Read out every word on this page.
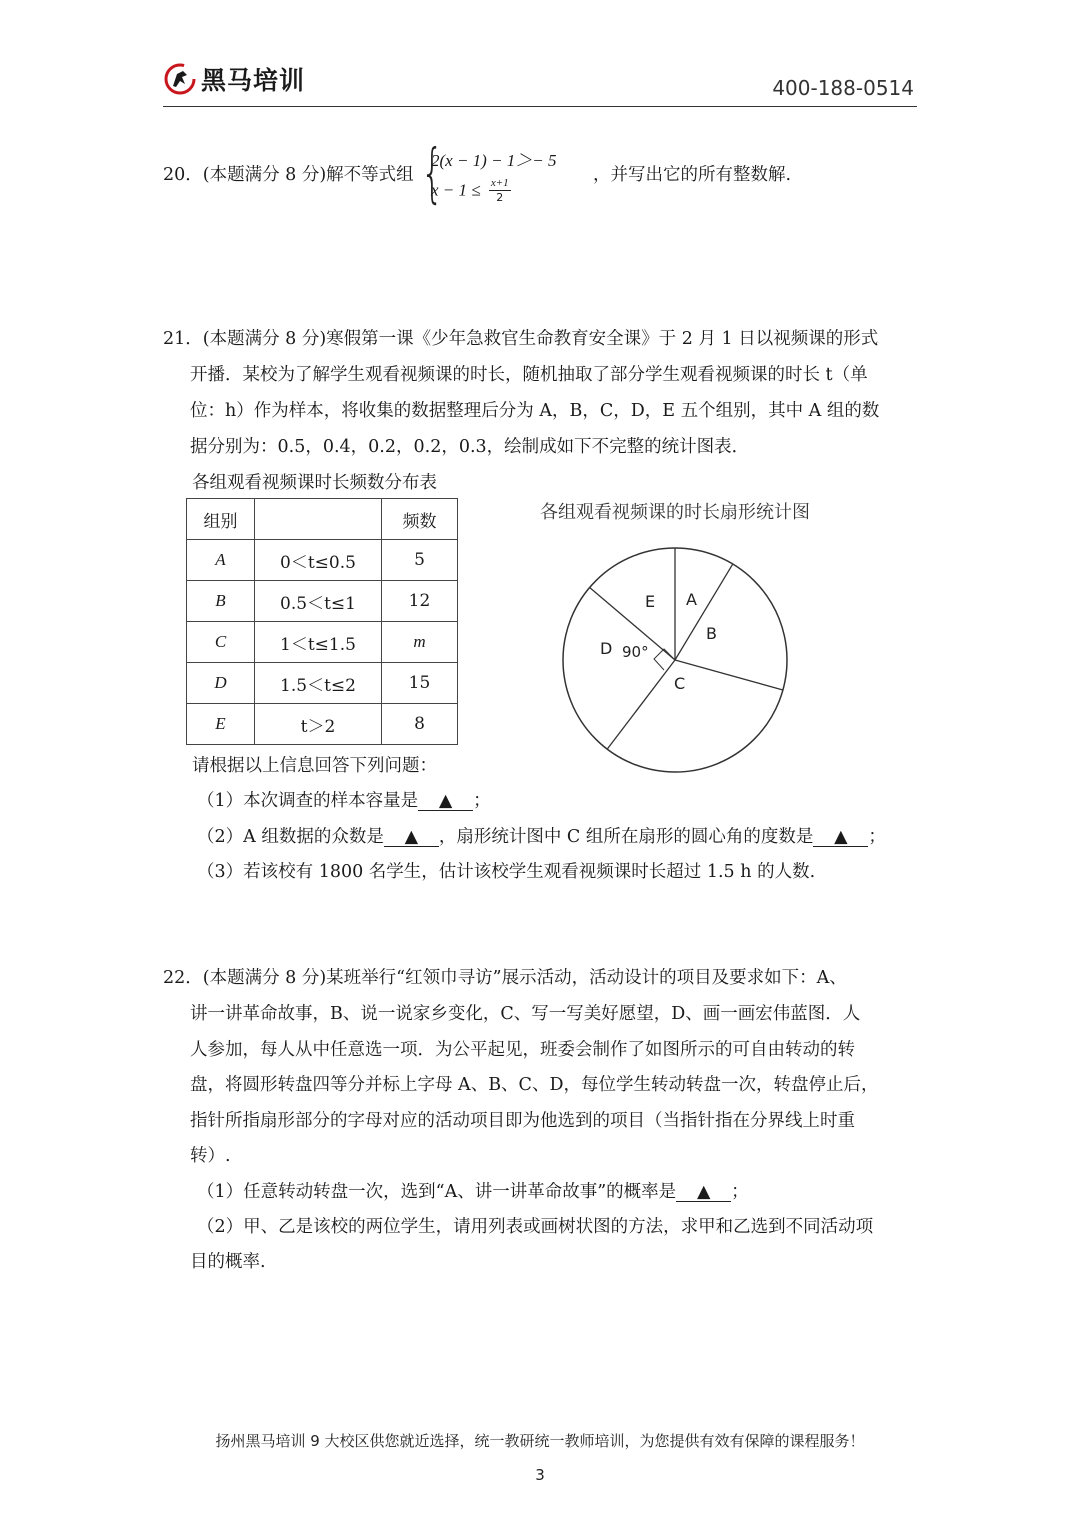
黑马培训	400-188-0514
20．(本题满分 8 分)解不等式组 {
2(x − 1) − 1＞− 5
$x - 1 \le \frac{x+1}{2}$
，并写出它的所有整数解.
21．(本题满分 8 分)寒假第一课《少年急救官生命教育安全课》于 2 月 1 日以视频课的形式
开播．某校为了解学生观看视频课的时长，随机抽取了部分学生观看视频课的时长 t（单
位：h）作为样本，将收集的数据整理后分为 A，B，C，D，E 五个组别，其中 A 组的数
据分别为：0.5，0.4，0.2，0.2，0.3，绘制成如下不完整的统计图表．
各组观看视频课时长频数分布表
组别		频数
A	0＜t≤0.5	5
B	0.5＜t≤1	12
C	1＜t≤1.5	m
D	1.5＜t≤2	15
E	t＞2	8
各组观看视频课的时长扇形统计图
A
B
C
D
E
90°
请根据以上信息回答下列问题：
（1）本次调查的样本容量是 ▲ ；
（2）A 组数据的众数是 ▲ ，扇形统计图中 C 组所在扇形的圆心角的度数是 ▲ ；
（3）若该校有 1800 名学生，估计该校学生观看视频课时长超过 1.5 h 的人数.
22．(本题满分 8 分)某班举行“红领巾寻访”展示活动，活动设计的项目及要求如下：A、
讲一讲革命故事，B、说一说家乡变化，C、写一写美好愿望，D、画一画宏伟蓝图．人
人参加，每人从中任意选一项．为公平起见，班委会制作了如图所示的可自由转动的转
盘，将圆形转盘四等分并标上字母 A、B、C、D，每位学生转动转盘一次，转盘停止后，
指针所指扇形部分的字母对应的活动项目即为他选到的项目（当指针指在分界线上时重
转）.
（1）任意转动转盘一次，选到“A、讲一讲革命故事”的概率是 ▲ ；
（2）甲、乙是该校的两位学生，请用列表或画树状图的方法，求甲和乙选到不同活动项
目的概率.
扬州黑马培训 9 大校区供您就近选择，统一教研统一教师培训，为您提供有效有保障的课程服务！
3
